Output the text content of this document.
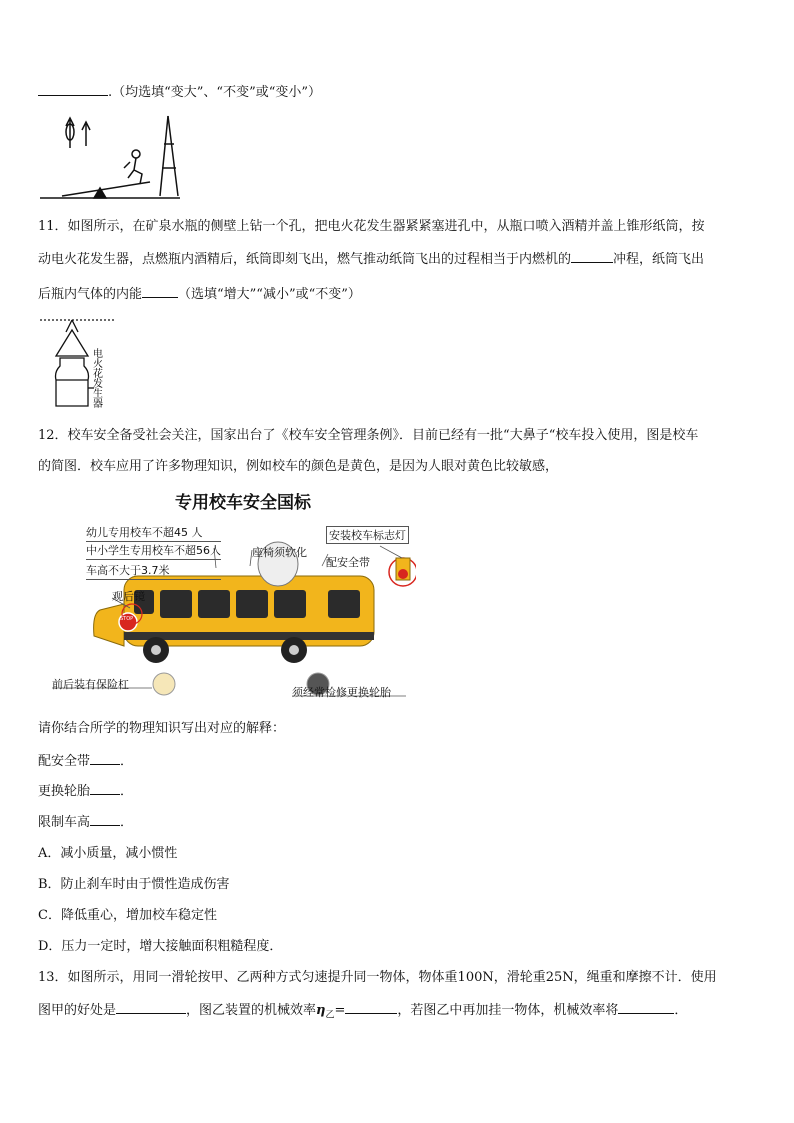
.（均选填“变大”、“不变”或“变小”）
11．如图所示，在矿泉水瓶的侧壁上钻一个孔，把电火花发生器紧紧塞进孔中，从瓶口喷入酒精并盖上锥形纸筒，按
动电火花发生器，点燃瓶内酒精后，纸筒即刻飞出，燃气推动纸筒飞出的过程相当于内燃机的	冲程，纸筒飞出
后瓶内气体的内能	（选填“增大”“减小”或“不变”）
电火花发生器
12．校车安全备受社会关注，国家出台了《校车安全管理条例》．目前已经有一批“大鼻子“校车投入使用，图是校车
的简图．校车应用了许多物理知识，例如校车的颜色是黄色，是因为人眼对黄色比较敏感，
专用校车安全国标
幼儿专用校车不超45 人
中小学生专用校车不超56人
车高不大于3.7米
座椅须软化
配安全带
安装校车标志灯
观后镜
前后装有保险杠
须经常检修更换轮胎
STOP
请你结合所学的物理知识写出对应的解释：
配安全带 ．
更换轮胎 ．
限制车高 ．
A．减小质量，减小惯性
B．防止刹车时由于惯性造成伤害
C．降低重心，增加校车稳定性
D．压力一定时，增大接触面积粗糙程度．
13．如图所示，用同一滑轮按甲、乙两种方式匀速提升同一物体，物体重100N，滑轮重25N，绳重和摩擦不计．使用
图甲的好处是	，图乙装置的机械效率$\eta_乙=$	，若图乙中再加挂一物体，机械效率将	．
